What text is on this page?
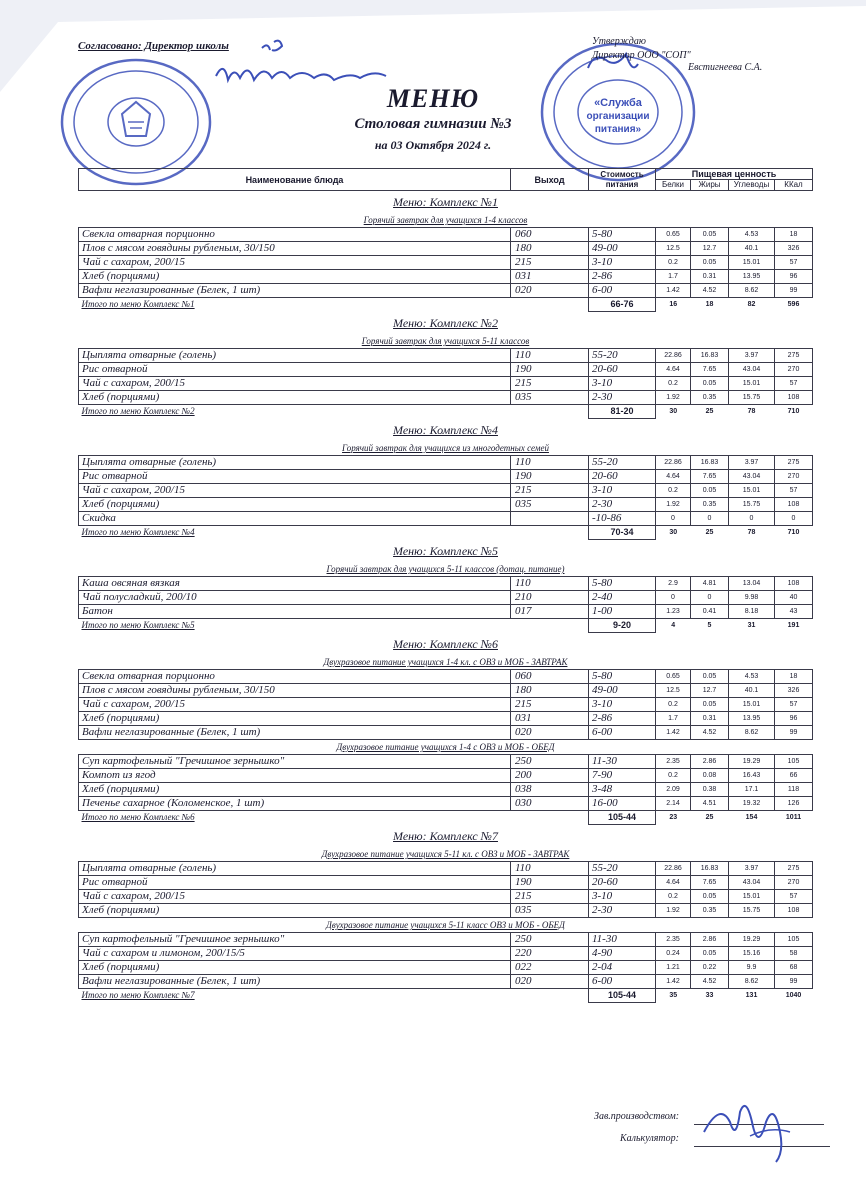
«Служба
организации
питания»
Согласовано: Директор школы	Утверждаю
Директор ООО "СОП"
Евстигнеева С.А.
МЕНЮ
Столовая гимназии №3
на 03 Октября 2024 г.
Наименование блюда	Выход	Стоимость питания	Пищевая ценность			
			Белки	Жиры	Углеводы	ККал
Меню: Комплекс №1						
Горячий завтрак для учащихся 1-4 классов						
Свекла отварная порционно	060	5-80	0.65	0.05	4.53	18
Плов с мясом говядины рубленым, 30/150	180	49-00	12.5	12.7	40.1	326
Чай с сахаром, 200/15	215	3-10	0.2	0.05	15.01	57
Хлеб (порциями)	031	2-86	1.7	0.31	13.95	96
Вафли неглазированные (Белек, 1 шт)	020	6-00	1.42	4.52	8.62	99
Итого по меню Комплекс №1		66-76	16	18	82	596
Меню: Комплекс №2						
Горячий завтрак для учащихся 5-11 классов						
Цыплята отварные (голень)	110	55-20	22.86	16.83	3.97	275
Рис отварной	190	20-60	4.64	7.65	43.04	270
Чай с сахаром, 200/15	215	3-10	0.2	0.05	15.01	57
Хлеб (порциями)	035	2-30	1.92	0.35	15.75	108
Итого по меню Комплекс №2		81-20	30	25	78	710
Меню: Комплекс №4						
Горячий завтрак для учащихся из многодетных семей						
Цыплята отварные (голень)	110	55-20	22.86	16.83	3.97	275
Рис отварной	190	20-60	4.64	7.65	43.04	270
Чай с сахаром, 200/15	215	3-10	0.2	0.05	15.01	57
Хлеб (порциями)	035	2-30	1.92	0.35	15.75	108
Скидка		-10-86	0	0	0	0
Итого по меню Комплекс №4		70-34	30	25	78	710
Меню: Комплекс №5						
Горячий завтрак для учащихся 5-11 классов (дотац. питание)						
Каша овсяная вязкая	110	5-80	2.9	4.81	13.04	108
Чай полусладкий, 200/10	210	2-40	0	0	9.98	40
Батон	017	1-00	1.23	0.41	8.18	43
Итого по меню Комплекс №5		9-20	4	5	31	191
Меню: Комплекс №6						
Двухразовое питание учащихся 1-4 кл. с ОВЗ и МОБ - ЗАВТРАК						
Свекла отварная порционно	060	5-80	0.65	0.05	4.53	18
Плов с мясом говядины рубленым, 30/150	180	49-00	12.5	12.7	40.1	326
Чай с сахаром, 200/15	215	3-10	0.2	0.05	15.01	57
Хлеб (порциями)	031	2-86	1.7	0.31	13.95	96
Вафли неглазированные (Белек, 1 шт)	020	6-00	1.42	4.52	8.62	99
Двухразовое питание учащихся 1-4 с ОВЗ и МОБ - ОБЕД						
Суп картофельный "Гречишное зернышко"	250	11-30	2.35	2.86	19.29	105
Компот из ягод	200	7-90	0.2	0.08	16.43	66
Хлеб (порциями)	038	3-48	2.09	0.38	17.1	118
Печенье сахарное (Коломенское, 1 шт)	030	16-00	2.14	4.51	19.32	126
Итого по меню Комплекс №6		105-44	23	25	154	1011
Меню: Комплекс №7						
Двухразовое питание учащихся 5-11 кл. с ОВЗ и МОБ - ЗАВТРАК						
Цыплята отварные (голень)	110	55-20	22.86	16.83	3.97	275
Рис отварной	190	20-60	4.64	7.65	43.04	270
Чай с сахаром, 200/15	215	3-10	0.2	0.05	15.01	57
Хлеб (порциями)	035	2-30	1.92	0.35	15.75	108
Двухразовое питание учащихся 5-11 класс ОВЗ и МОБ - ОБЕД						
Суп картофельный "Гречишное зернышко"	250	11-30	2.35	2.86	19.29	105
Чай с сахаром и лимоном, 200/15/5	220	4-90	0.24	0.05	15.16	58
Хлеб (порциями)	022	2-04	1.21	0.22	9.9	68
Вафли неглазированные (Белек, 1 шт)	020	6-00	1.42	4.52	8.62	99
Итого по меню Комплекс №7		105-44	35	33	131	1040
Зав.производством:
Калькулятор:
